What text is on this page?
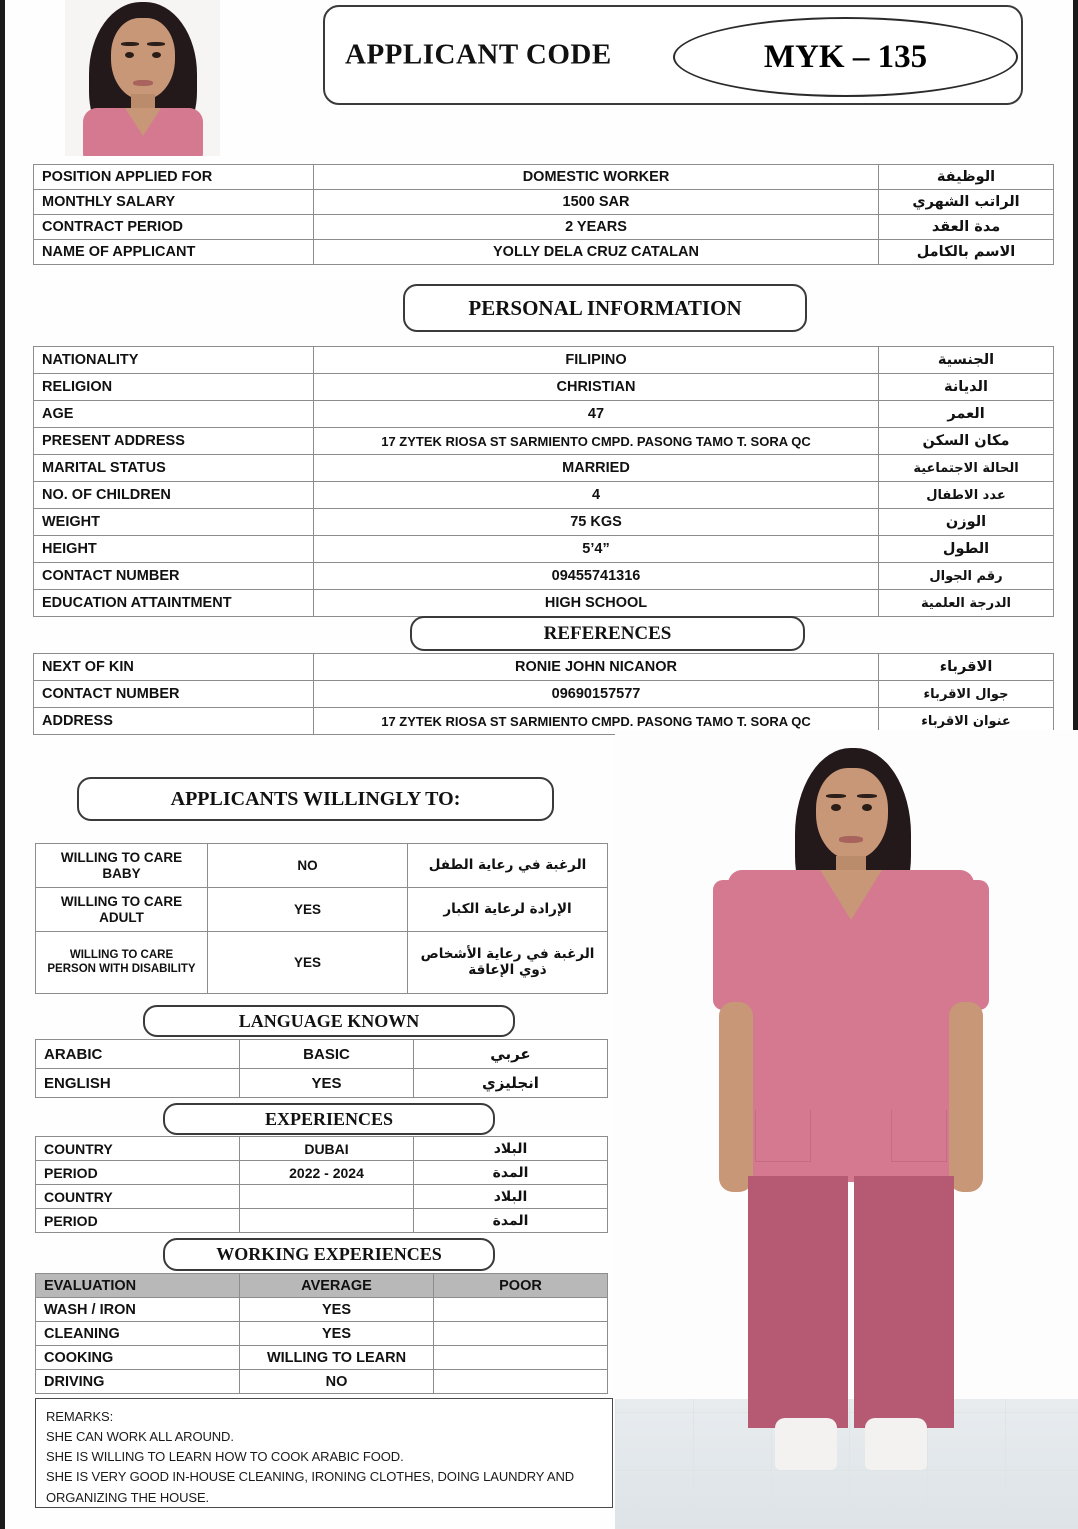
APPLICANT CODE	MYK – 135
POSITION APPLIED FOR	DOMESTIC WORKER	الوظيفة
MONTHLY SALARY	1500 SAR	الراتب الشهري
CONTRACT PERIOD	2 YEARS	مدة العقد
NAME OF APPLICANT	YOLLY DELA CRUZ CATALAN	الاسم بالكامل
PERSONAL INFORMATION
NATIONALITY	FILIPINO	الجنسية
RELIGION	CHRISTIAN	الديانة
AGE	47	العمر
PRESENT ADDRESS	17 ZYTEK RIOSA ST SARMIENTO CMPD. PASONG TAMO T. SORA QC	مكان السكن
MARITAL STATUS	MARRIED	الحالة الاجتماعية
NO. OF CHILDREN	4	عدد الاطفال
WEIGHT	75 KGS	الوزن
HEIGHT	5’4”	الطول
CONTACT NUMBER	09455741316	رقم الجوال
EDUCATION ATTAINTMENT	HIGH SCHOOL	الدرجة العلمية
REFERENCES
NEXT OF KIN	RONIE JOHN NICANOR	الاقرباء
CONTACT NUMBER	09690157577	جوال الاقرباء
ADDRESS	17 ZYTEK RIOSA ST SARMIENTO CMPD. PASONG TAMO T. SORA QC	عنوان الاقرباء
APPLICANTS WILLINGLY TO:
WILLING TO CARE BABY	NO	الرغبة في رعاية الطفل
WILLING TO CARE ADULT	YES	الإرادة لرعاية الكبار
WILLING TO CARE PERSON WITH DISABILITY	YES	الرغبة في رعاية الأشخاص ذوي الإعاقة
LANGUAGE KNOWN
ARABIC	BASIC	عربي
ENGLISH	YES	انجليزي
EXPERIENCES
COUNTRY	DUBAI	البلاد
PERIOD	2022 - 2024	المدة
COUNTRY		البلاد
PERIOD		المدة
WORKING EXPERIENCES
EVALUATION	AVERAGE	POOR
WASH / IRON	YES	
CLEANING	YES	
COOKING	WILLING TO LEARN	
DRIVING	NO	
REMARKS:
SHE CAN WORK ALL AROUND.
SHE IS WILLING TO LEARN HOW TO COOK ARABIC FOOD.
SHE IS VERY GOOD IN-HOUSE CLEANING, IRONING CLOTHES, DOING LAUNDRY AND
ORGANIZING THE HOUSE.
